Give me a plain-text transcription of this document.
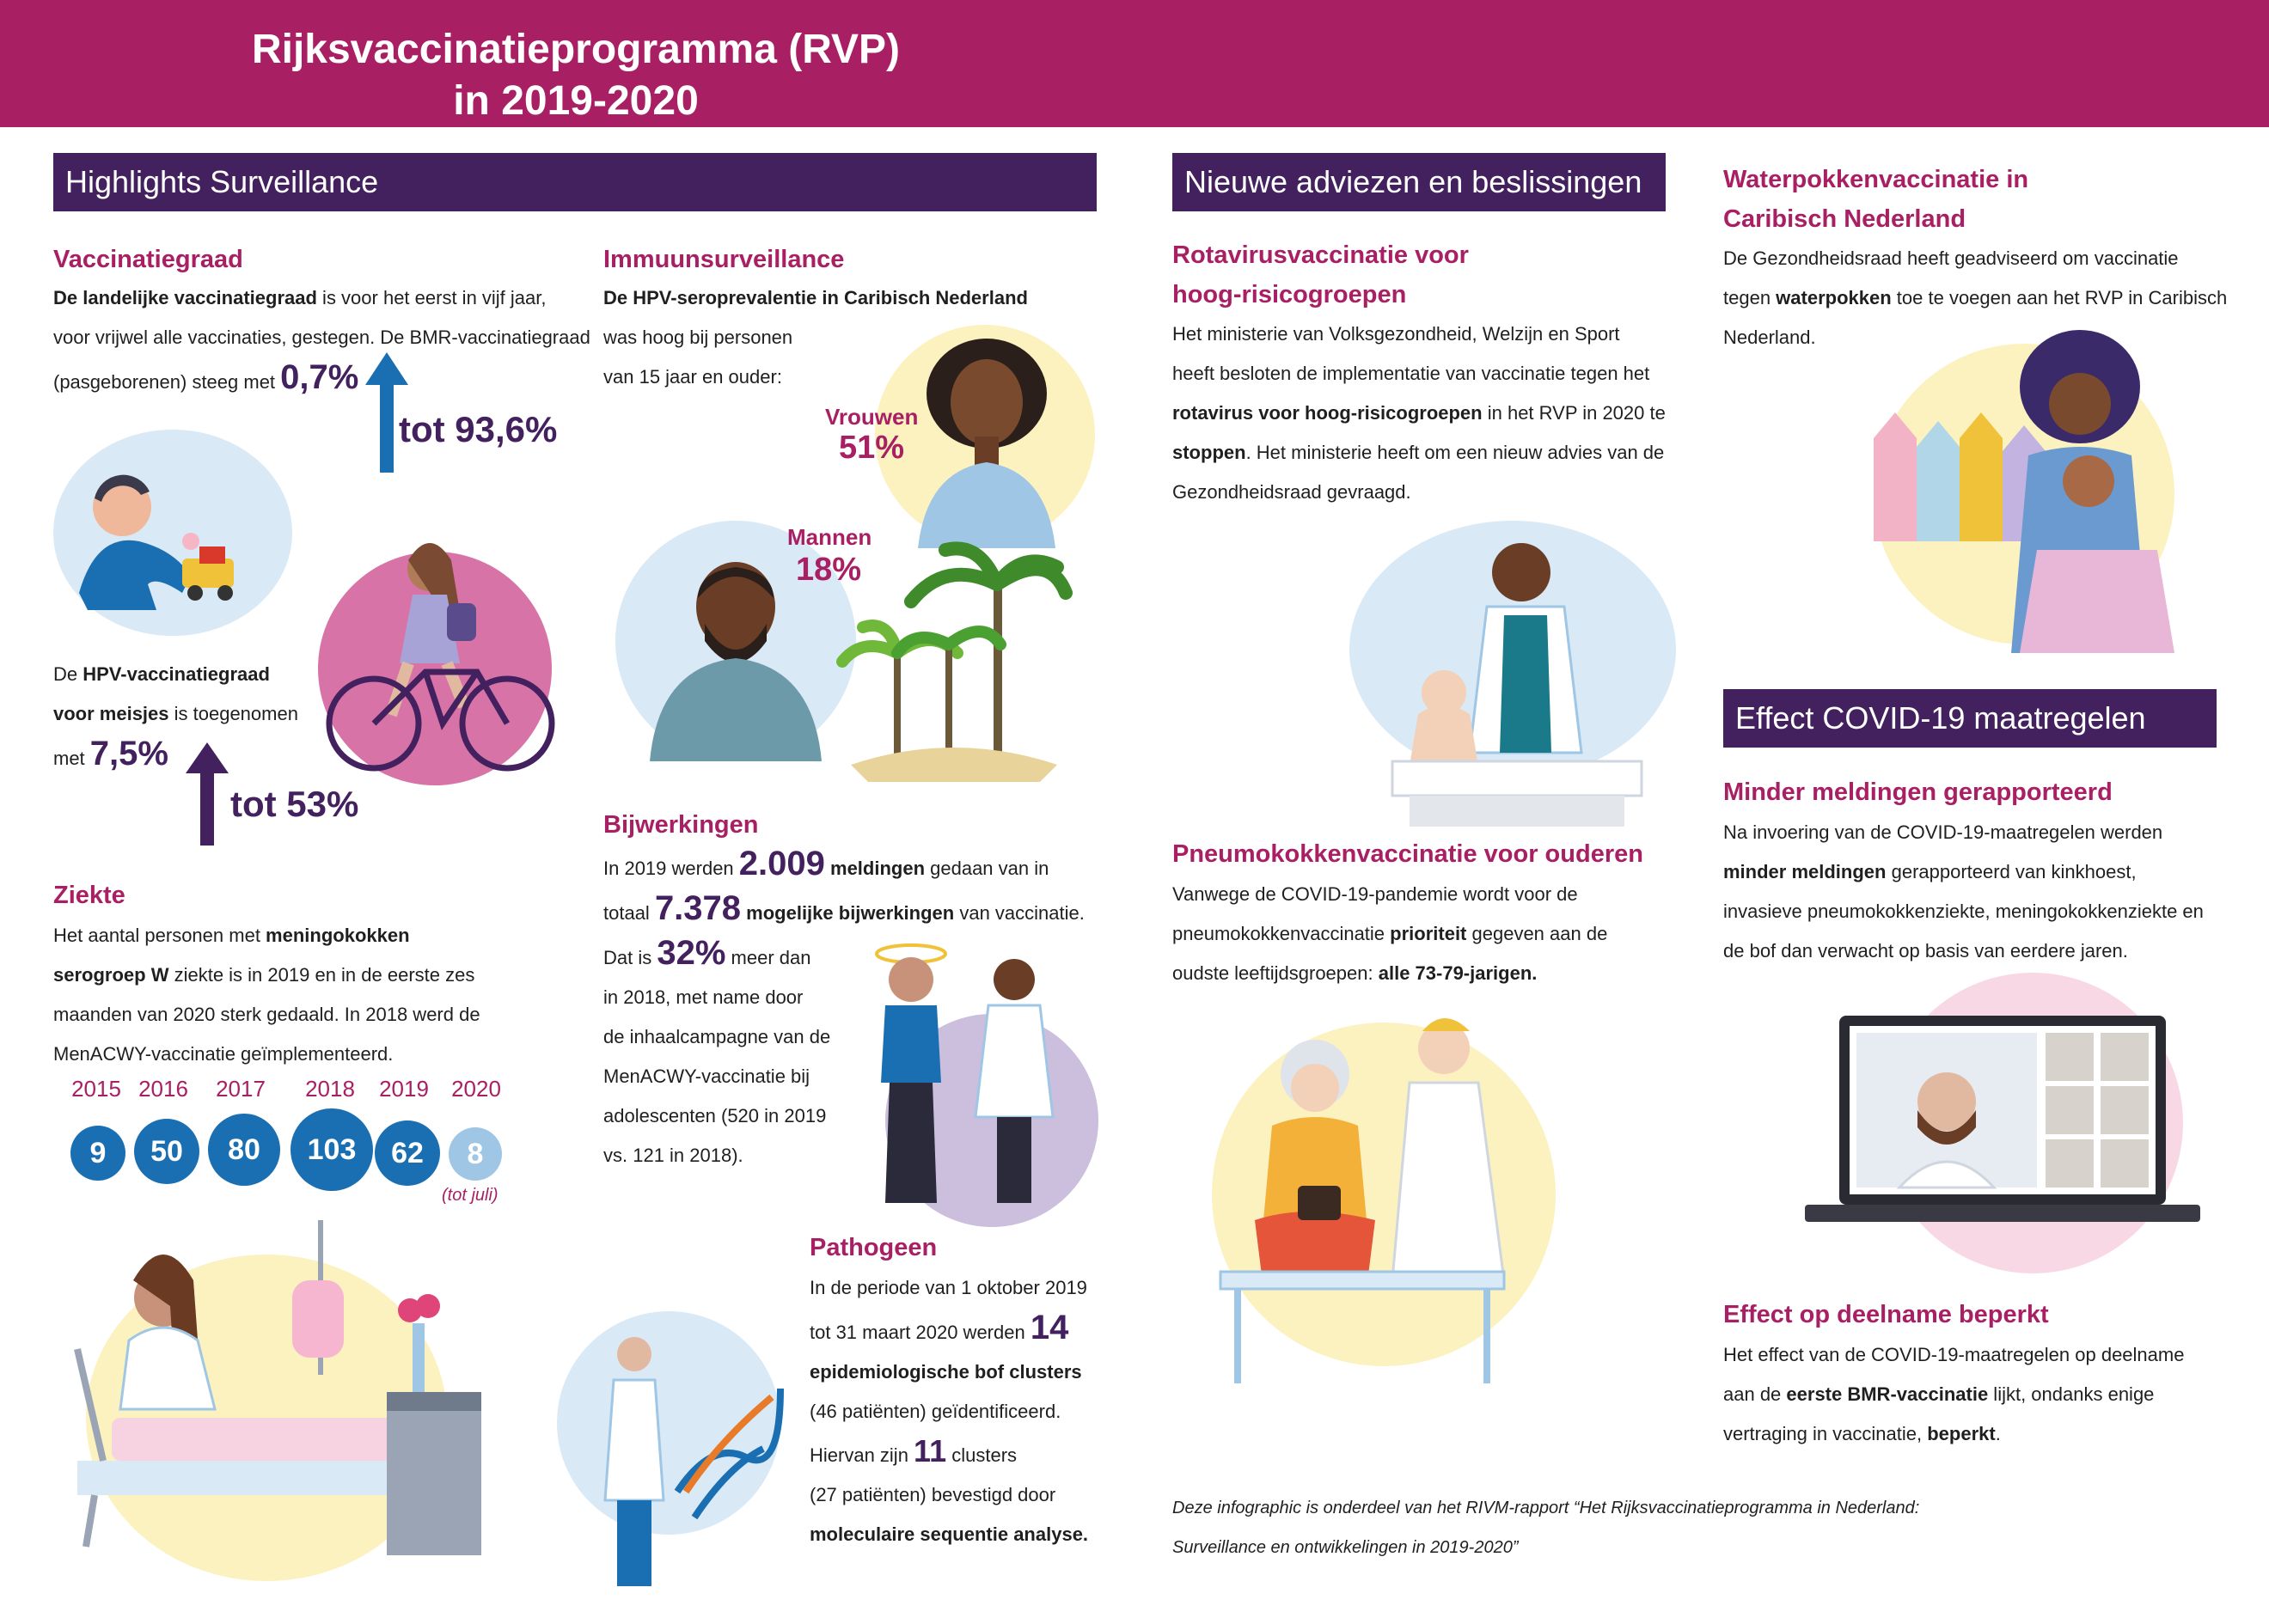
Rijksvaccinatieprogramma (RVP)
in 2019-2020
Highlights Surveillance	Nieuwe adviezen en beslissingen
Effect COVID-19 maatregelen
Vaccinatiegraad
De landelijke vaccinatiegraad is voor het eerst in vijf jaar,
voor vrijwel alle vaccinaties, gestegen. De BMR-vaccinatiegraad
(pasgeborenen) steeg met 0,7%
tot 93,6%
De HPV-vaccinatiegraad
voor meisjes is toegenomen
met 7,5%
tot 53%
Ziekte
Het aantal personen met meningokokken
serogroep W ziekte is in 2019 en in de eerste zes
maanden van 2020 sterk gedaald. In 2018 werd de
MenACWY-vaccinatie geïmplementeerd.
2015 2016	2017	2018	2019	2020
9	50	80	103	62	8
(tot juli)
Immuunsurveillance
De HPV-seroprevalentie in Caribisch Nederland
was hoog bij personen
van 15 jaar en ouder:
Vrouwen
51%
Mannen
18%
Bijwerkingen
In 2019 werden 2.009 meldingen gedaan van in
totaal 7.378 mogelijke bijwerkingen van vaccinatie.
Dat is 32% meer dan
in 2018, met name door
de inhaalcampagne van de
MenACWY-vaccinatie bij
adolescenten (520 in 2019
vs. 121 in 2018).
Pathogeen
In de periode van 1 oktober 2019
tot 31 maart 2020 werden 14
epidemiologische bof clusters
(46 patiënten) geïdentificeerd.
Hiervan zijn 11 clusters
(27 patiënten) bevestigd door
moleculaire sequentie analyse.
Rotavirusvaccinatie voor
hoog-risicogroepen
Het ministerie van Volksgezondheid, Welzijn en Sport
heeft besloten de implementatie van vaccinatie tegen het
rotavirus voor hoog-risicogroepen in het RVP in 2020 te
stoppen. Het ministerie heeft om een nieuw advies van de
Gezondheidsraad gevraagd.
Pneumokokkenvaccinatie voor ouderen
Vanwege de COVID-19-pandemie wordt voor de
pneumokokkenvaccinatie prioriteit gegeven aan de
oudste leeftijdsgroepen: alle 73-79-jarigen.
Deze infographic is onderdeel van het RIVM-rapport “Het Rijksvaccinatieprogramma in Nederland:
Surveillance en ontwikkelingen in 2019-2020”
Waterpokkenvaccinatie in
Caribisch Nederland
De Gezondheidsraad heeft geadviseerd om vaccinatie
tegen waterpokken toe te voegen aan het RVP in Caribisch
Nederland.
Minder meldingen gerapporteerd
Na invoering van de COVID-19-maatregelen werden
minder meldingen gerapporteerd van kinkhoest,
invasieve pneumokokkenziekte, meningokokkenziekte en
de bof dan verwacht op basis van eerdere jaren.
Effect op deelname beperkt
Het effect van de COVID-19-maatregelen op deelname
aan de eerste BMR-vaccinatie lijkt, ondanks enige
vertraging in vaccinatie, beperkt.
